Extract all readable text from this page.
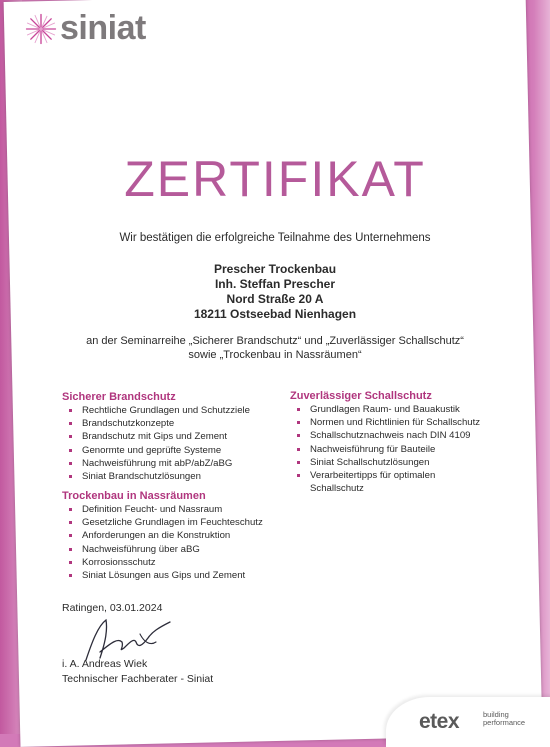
siniat
ZERTIFIKAT
Wir bestätigen die erfolgreiche Teilnahme des Unternehmens
Prescher Trockenbau
Inh. Steffan Prescher
Nord Straße 20 A
18211 Ostseebad Nienhagen
an der Seminarreihe „Sicherer Brandschutz“ und „Zuverlässiger Schallschutz“
sowie „Trockenbau in Nassräumen“
Sicherer Brandschutz
Rechtliche Grundlagen und Schutzziele
Brandschutzkonzepte
Brandschutz mit Gips und Zement
Genormte und geprüfte Systeme
Nachweisführung mit abP/abZ/aBG
Siniat Brandschutzlösungen
Zuverlässiger Schallschutz
Grundlagen Raum- und Bauakustik
Normen und Richtlinien für Schallschutz
Schallschutznachweis nach DIN 4109
Nachweisführung für Bauteile
Siniat Schallschutzlösungen
Verarbeitertipps für optimalen Schallschutz
Trockenbau in Nassräumen
Definition Feucht- und Nassraum
Gesetzliche Grundlagen im Feuchteschutz
Anforderungen an die Konstruktion
Nachweisführung über aBG
Korrosionsschutz
Siniat Lösungen aus Gips und Zement
Ratingen, 03.01.2024
i. A. Andreas Wiek
Technischer Fachberater - Siniat
etex	building
performance
